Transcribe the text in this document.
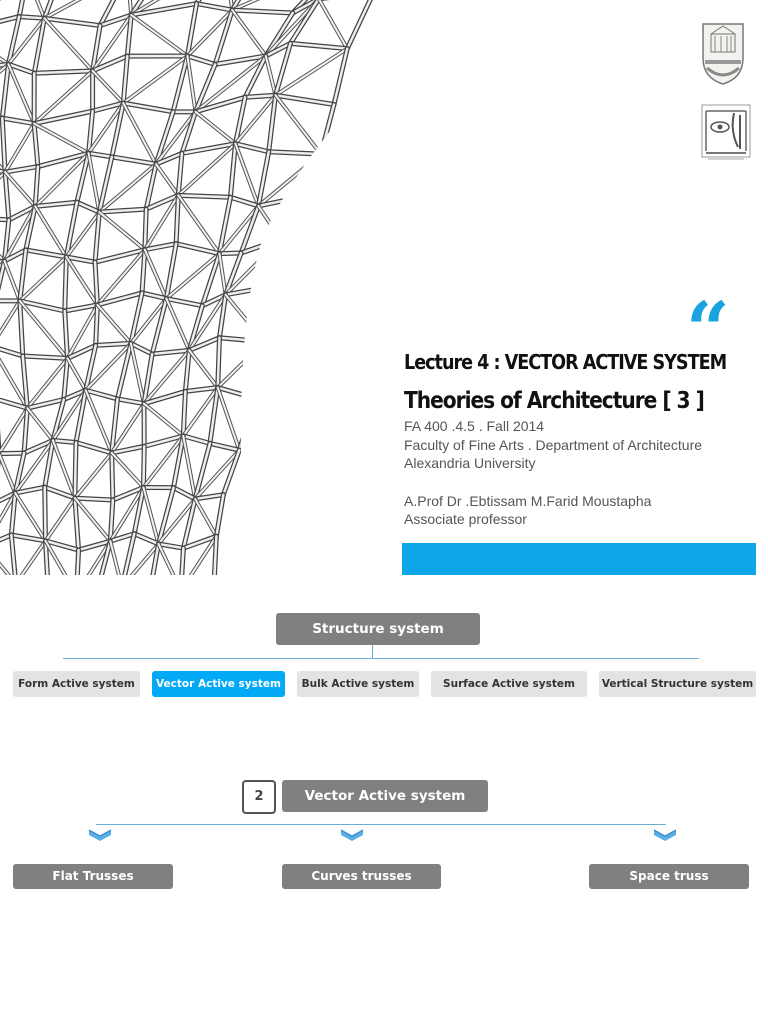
“
Lecture 4 : VECTOR ACTIVE SYSTEM
Theories of Architecture [ 3 ]
FA 400 .4.5 . Fall 2014
Faculty of Fine Arts . Department of Architecture
Alexandria University
A.Prof Dr .Ebtissam M.Farid Moustapha
Associate professor
Structure system
Form Active system	Vector Active system	Bulk Active system	Surface Active system	Vertical Structure system
2	Vector Active system
Flat Trusses	Curves trusses	Space truss
